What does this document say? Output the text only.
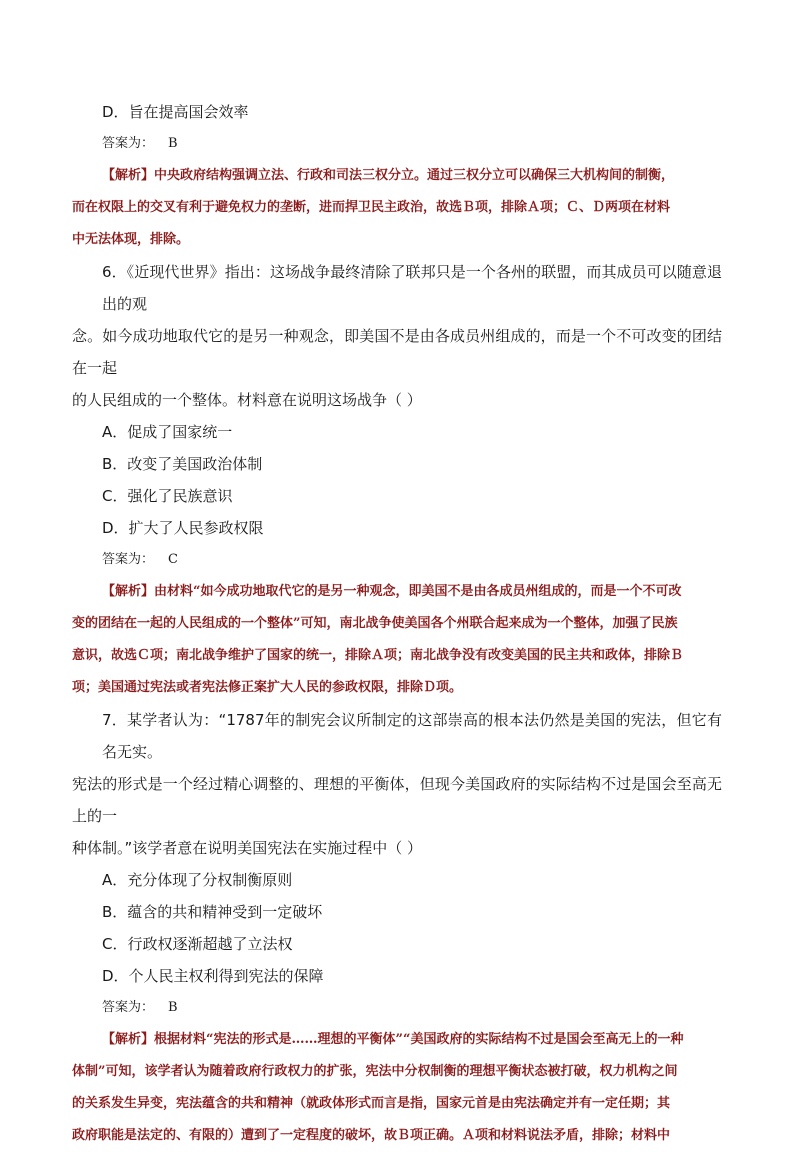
D．旨在提高国会效率
答案为： B
【解析】中央政府结构强调立法、行政和司法三权分立。通过三权分立可以确保三大机构间的制衡，
而在权限上的交叉有利于避免权力的垄断，进而捍卫民主政治，故选Ｂ项，排除Ａ项；Ｃ、Ｄ两项在材料
中无法体现，排除。
6．《近现代世界》指出：这场战争最终清除了联邦只是一个各州的联盟，而其成员可以随意退出的观
念。如今成功地取代它的是另一种观念，即美国不是由各成员州组成的，而是一个不可改变的团结在一起
的人民组成的一个整体。材料意在说明这场战争（ ）
A．促成了国家统一
B．改变了美国政治体制
C．强化了民族意识
D．扩大了人民参政权限
答案为： C
【解析】由材料“如今成功地取代它的是另一种观念，即美国不是由各成员州组成的，而是一个不可改
变的团结在一起的人民组成的一个整体”可知，南北战争使美国各个州联合起来成为一个整体，加强了民族
意识，故选Ｃ项；南北战争维护了国家的统一，排除Ａ项；南北战争没有改变美国的民主共和政体，排除Ｂ
项；美国通过宪法或者宪法修正案扩大人民的参政权限，排除Ｄ项。
7．某学者认为：“1787年的制宪会议所制定的这部崇高的根本法仍然是美国的宪法，但它有名无实。
宪法的形式是一个经过精心调整的、理想的平衡体，但现今美国政府的实际结构不过是国会至高无上的一
种体制。”该学者意在说明美国宪法在实施过程中（ ）
A．充分体现了分权制衡原则
B．蕴含的共和精神受到一定破坏
C．行政权逐渐超越了立法权
D．个人民主权利得到宪法的保障
答案为： B
【解析】根据材料“宪法的形式是……理想的平衡体”“美国政府的实际结构不过是国会至高无上的一种
体制”可知，该学者认为随着政府行政权力的扩张，宪法中分权制衡的理想平衡状态被打破，权力机构之间
的关系发生异变，宪法蕴含的共和精神（就政体形式而言是指，国家元首是由宪法确定并有一定任期；其
政府职能是法定的、有限的）遭到了一定程度的破坏，故Ｂ项正确。Ａ项和材料说法矛盾，排除；材料中
